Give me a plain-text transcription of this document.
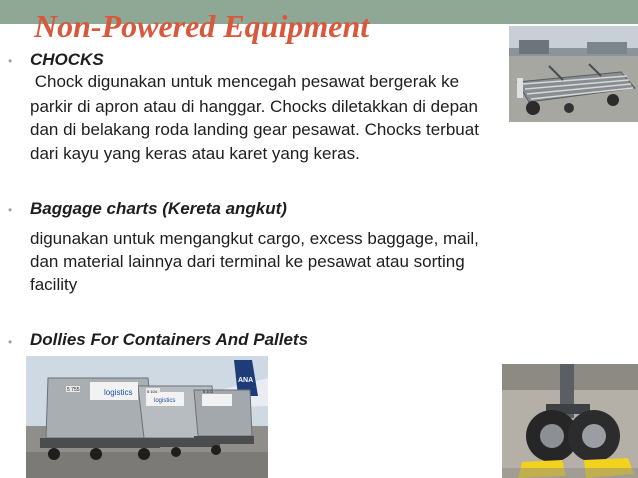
Non-Powered Equipment
• CHOCKS

Chock digunakan untuk mencegah pesawat bergerak ke

parkir di apron atau di hanggar. Chocks diletakkan di depan

dan di belakang roda landing gear pesawat. Chocks terbuat

dari kayu yang keras atau karet yang keras.

• Baggage charts (Kereta angkut)

digunakan untuk mengangkut cargo, excess baggage, mail,

dan material lainnya dari terminal ke pesawat atau sorting

facility

• Dollies For Containers And Pallets

logistics
logistics
5 755	5 104	5 103
ANA
